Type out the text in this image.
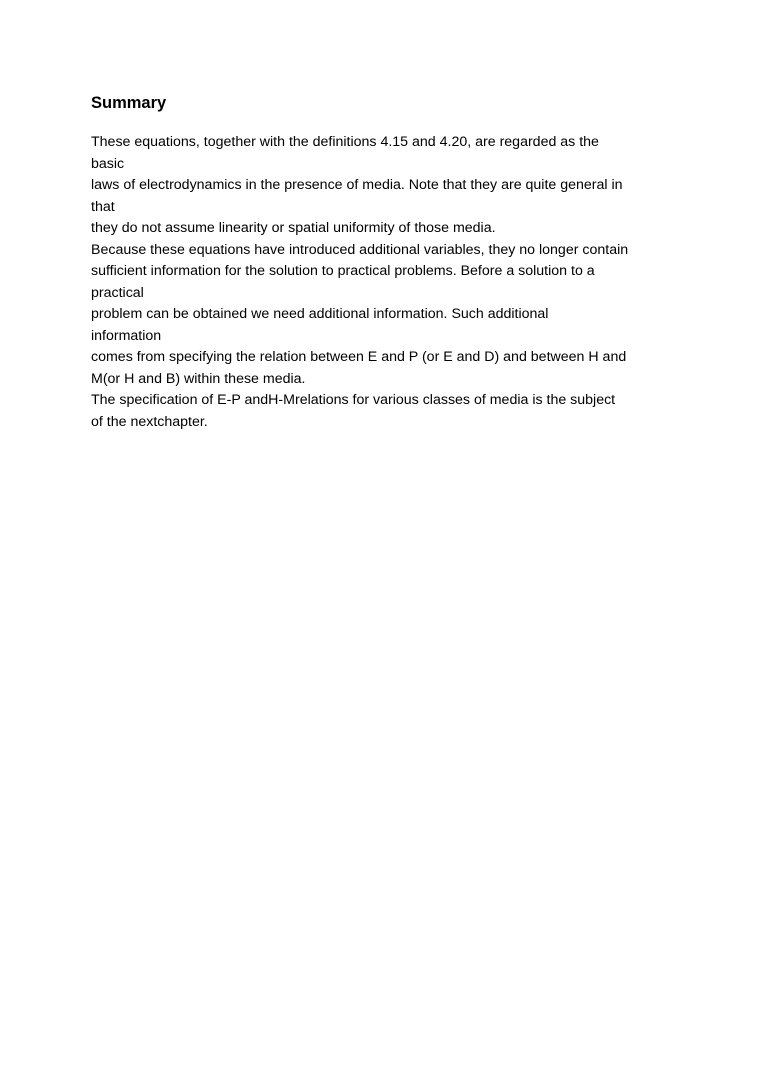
Summary
These equations, together with the definitions 4.15 and 4.20, are regarded as the
basic
laws of electrodynamics in the presence of media. Note that they are quite general in
that
they do not assume linearity or spatial uniformity of those media.
Because these equations have introduced additional variables, they no longer contain
sufficient information for the solution to practical problems. Before a solution to a
practical
problem can be obtained we need additional information. Such additional
information
comes from specifying the relation between E and P (or E and D) and between H and
M(or H and B) within these media.
The specification of E-P andH-Mrelations for various classes of media is the subject
of the nextchapter.
